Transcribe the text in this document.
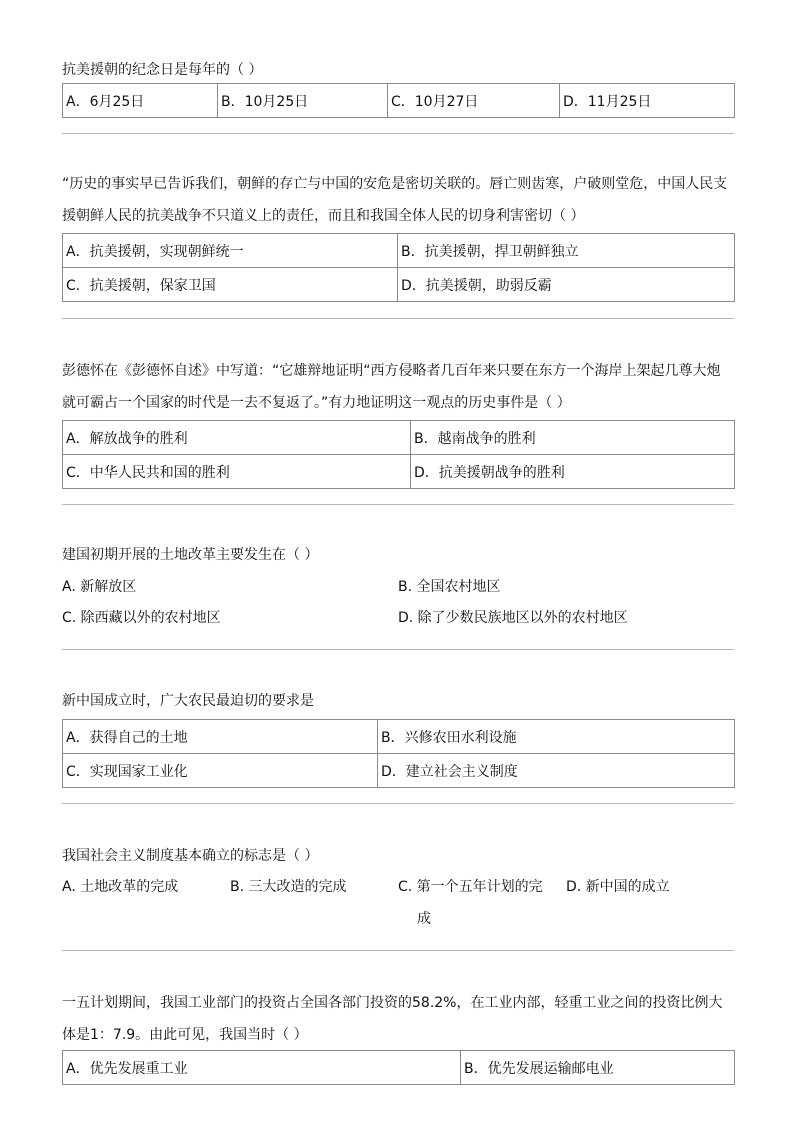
抗美援朝的纪念日是每年的（ ）

A．6月25日	B．10月25日	C．10月27日	D．11月25日

“历史的事实早已告诉我们，朝鲜的存亡与中国的安危是密切关联的。唇亡则齿寒，户破则堂危，中国人民支援朝鲜人民的抗美战争不只道义上的责任，而且和我国全体人民的切身利害密切（ ）

A．抗美援朝，实现朝鲜统一	B．抗美援朝，捍卫朝鲜独立
C．抗美援朝，保家卫国	D．抗美援朝，助弱反霸

彭德怀在《彭德怀自述》中写道：“它雄辩地证明“西方侵略者几百年来只要在东方一个海岸上架起几尊大炮就可霸占一个国家的时代是一去不复返了。”有力地证明这一观点的历史事件是（ ）

A．解放战争的胜利	B．越南战争的胜利
C．中华人民共和国的胜利	D．抗美援朝战争的胜利

建国初期开展的土地改革主要发生在（ ）

A. 新解放区	B. 全国农村地区
C. 除西藏以外的农村地区	D. 除了少数民族地区以外的农村地区

新中国成立时，广大农民最迫切的要求是

A．获得自己的土地	B．兴修农田水利设施
C．实现国家工业化	D．建立社会主义制度

我国社会主义制度基本确立的标志是（ ）

A. 土地改革的完成	B. 三大改造的完成	C. 第一个五年计划的完 D. 新中国的成立
成

一五计划期间，我国工业部门的投资占全国各部门投资的58.2%，在工业内部，轻重工业之间的投资比例大体是1：7.9。由此可见，我国当时（ ）

A．优先发展重工业	B．优先发展运输邮电业
